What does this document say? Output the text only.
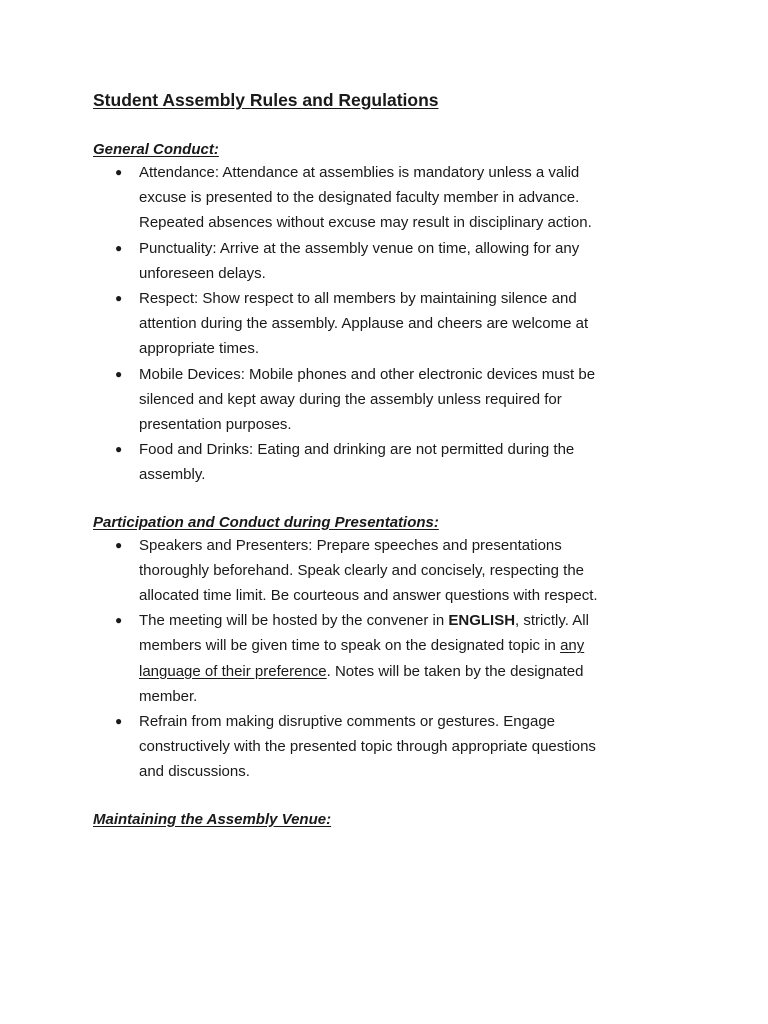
Student Assembly Rules and Regulations
General Conduct:
● Attendance: Attendance at assemblies is mandatory unless a valid excuse is presented to the designated faculty member in advance. Repeated absences without excuse may result in disciplinary action.
● Punctuality: Arrive at the assembly venue on time, allowing for any unforeseen delays.
● Respect: Show respect to all members by maintaining silence and attention during the assembly. Applause and cheers are welcome at appropriate times.
● Mobile Devices: Mobile phones and other electronic devices must be silenced and kept away during the assembly unless required for presentation purposes.
● Food and Drinks: Eating and drinking are not permitted during the assembly.
Participation and Conduct during Presentations:
● Speakers and Presenters: Prepare speeches and presentations thoroughly beforehand. Speak clearly and concisely, respecting the allocated time limit. Be courteous and answer questions with respect.
● The meeting will be hosted by the convener in ENGLISH, strictly. All members will be given time to speak on the designated topic in any language of their preference. Notes will be taken by the designated member.
● Refrain from making disruptive comments or gestures. Engage constructively with the presented topic through appropriate questions and discussions.
Maintaining the Assembly Venue:
